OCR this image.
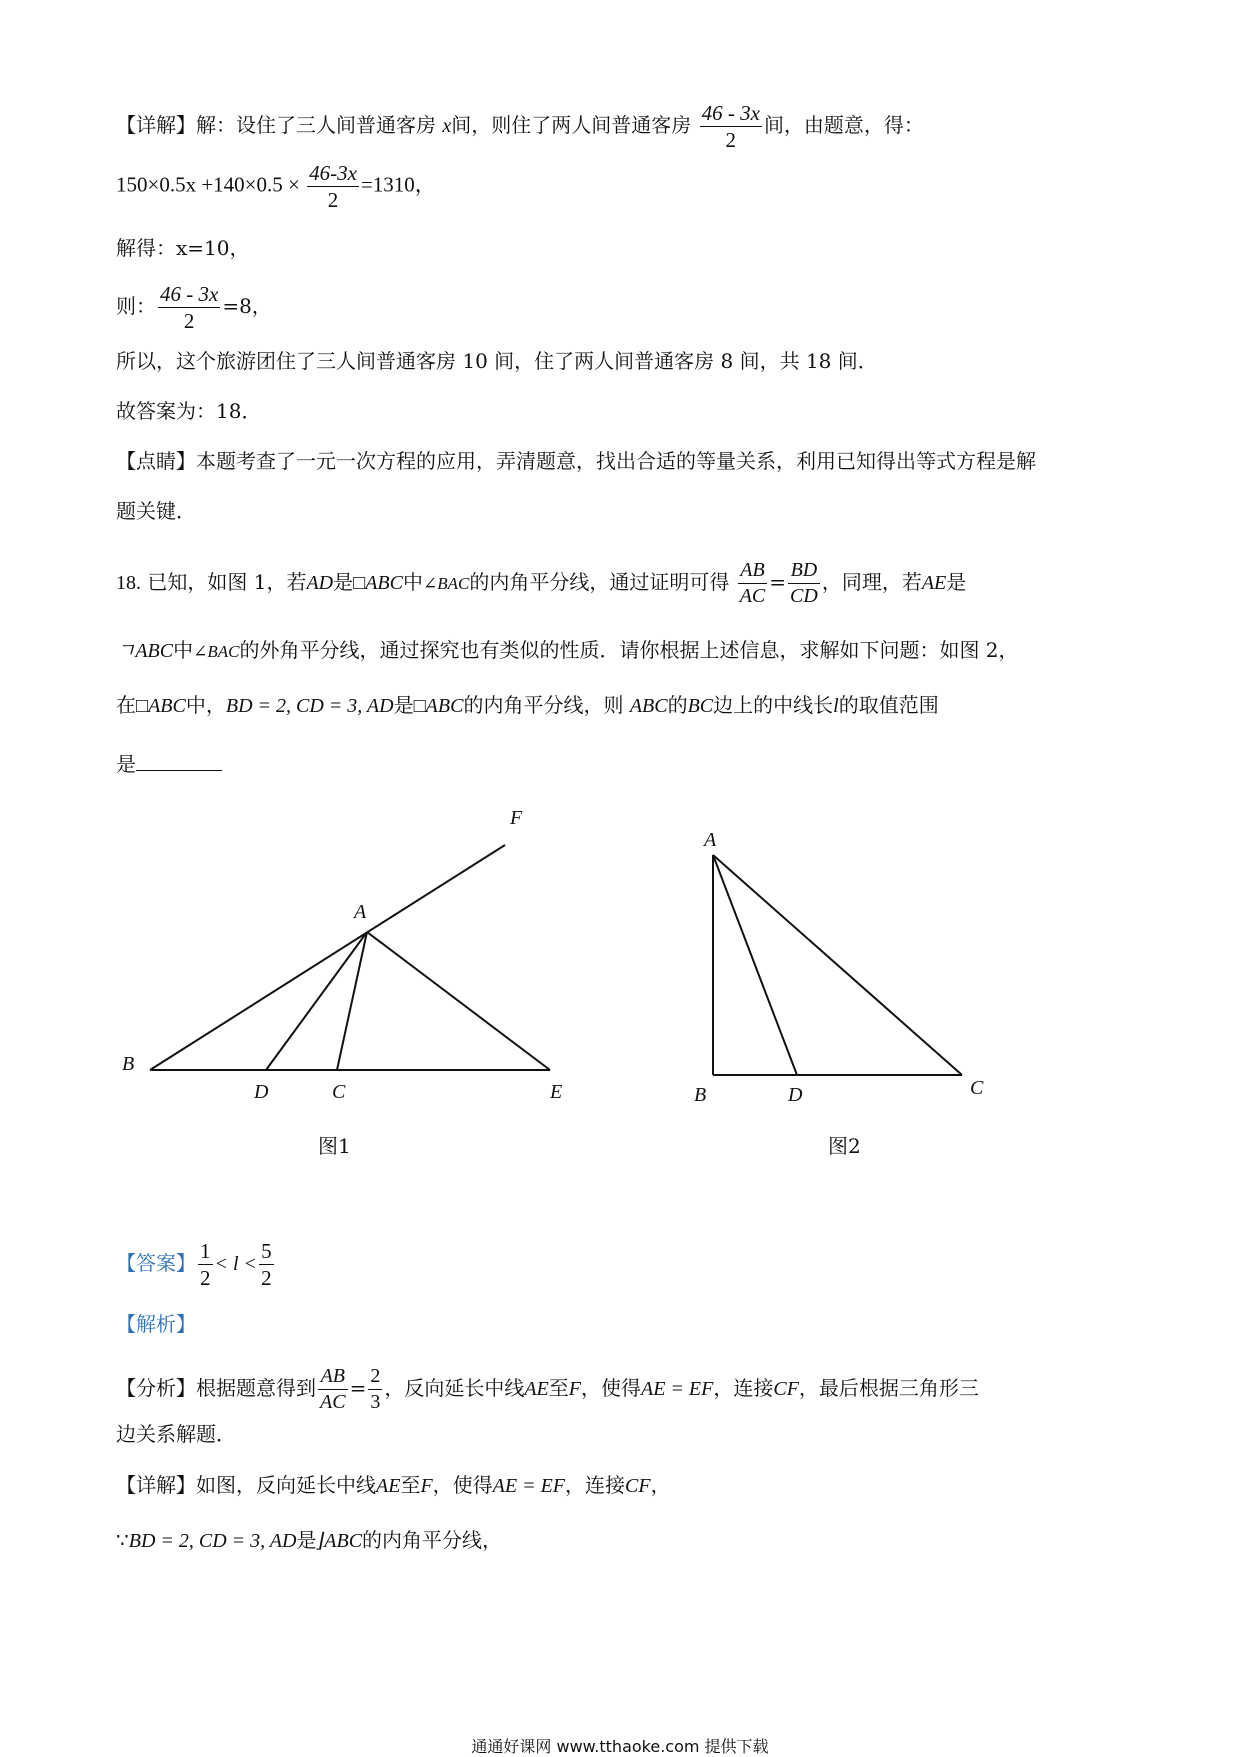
【详解】解：设住了三人间普通客房 x间，则住了两人间普通客房 $\frac{46 - 3x}{2}$ 间，由题意，得：
$150\times 0.5x +140\times 0.5 \times \frac{46-3x}{2} =1310$，
解得：x=10，
则： $\frac{46 - 3x}{2} =8$，
所以，这个旅游团住了三人间普通客房 10 间，住了两人间普通客房 8 间，共 18 间．
故答案为：18．
【点睛】本题考查了一元一次方程的应用，弄清题意，找出合适的等量关系，利用已知得出等式方程是解
题关键．
18. 已知，如图 1，若AD是□ABC中∠BAC的内角平分线，通过证明可得 $\frac{AB}{AC} = \frac{BD}{CD}$ ，同理，若AE是
ㄱABC中∠BAC的外角平分线，通过探究也有类似的性质．请你根据上述信息，求解如下问题：如图 2，
在□ABC中，BD = 2, CD = 3, AD是□ABC的内角平分线，则 ABC的BC边上的中线长l的取值范围
是
F
A
B
D	C	E
图1
A
B	D	C
图2
【答案】 $\frac{1}{2} < l < \frac{5}{2}$
【解析】
【分析】根据题意得到 $\frac{AB}{AC} = \frac{2}{3}$ ，反向延长中线AE至F，使得AE = EF，连接CF，最后根据三角形三
边关系解题．
【详解】如图，反向延长中线AE至F，使得AE = EF，连接CF，
∵BD = 2, CD = 3, AD是⌋ABC的内角平分线，
通通好课网 www.tthaoke.com 提供下载
